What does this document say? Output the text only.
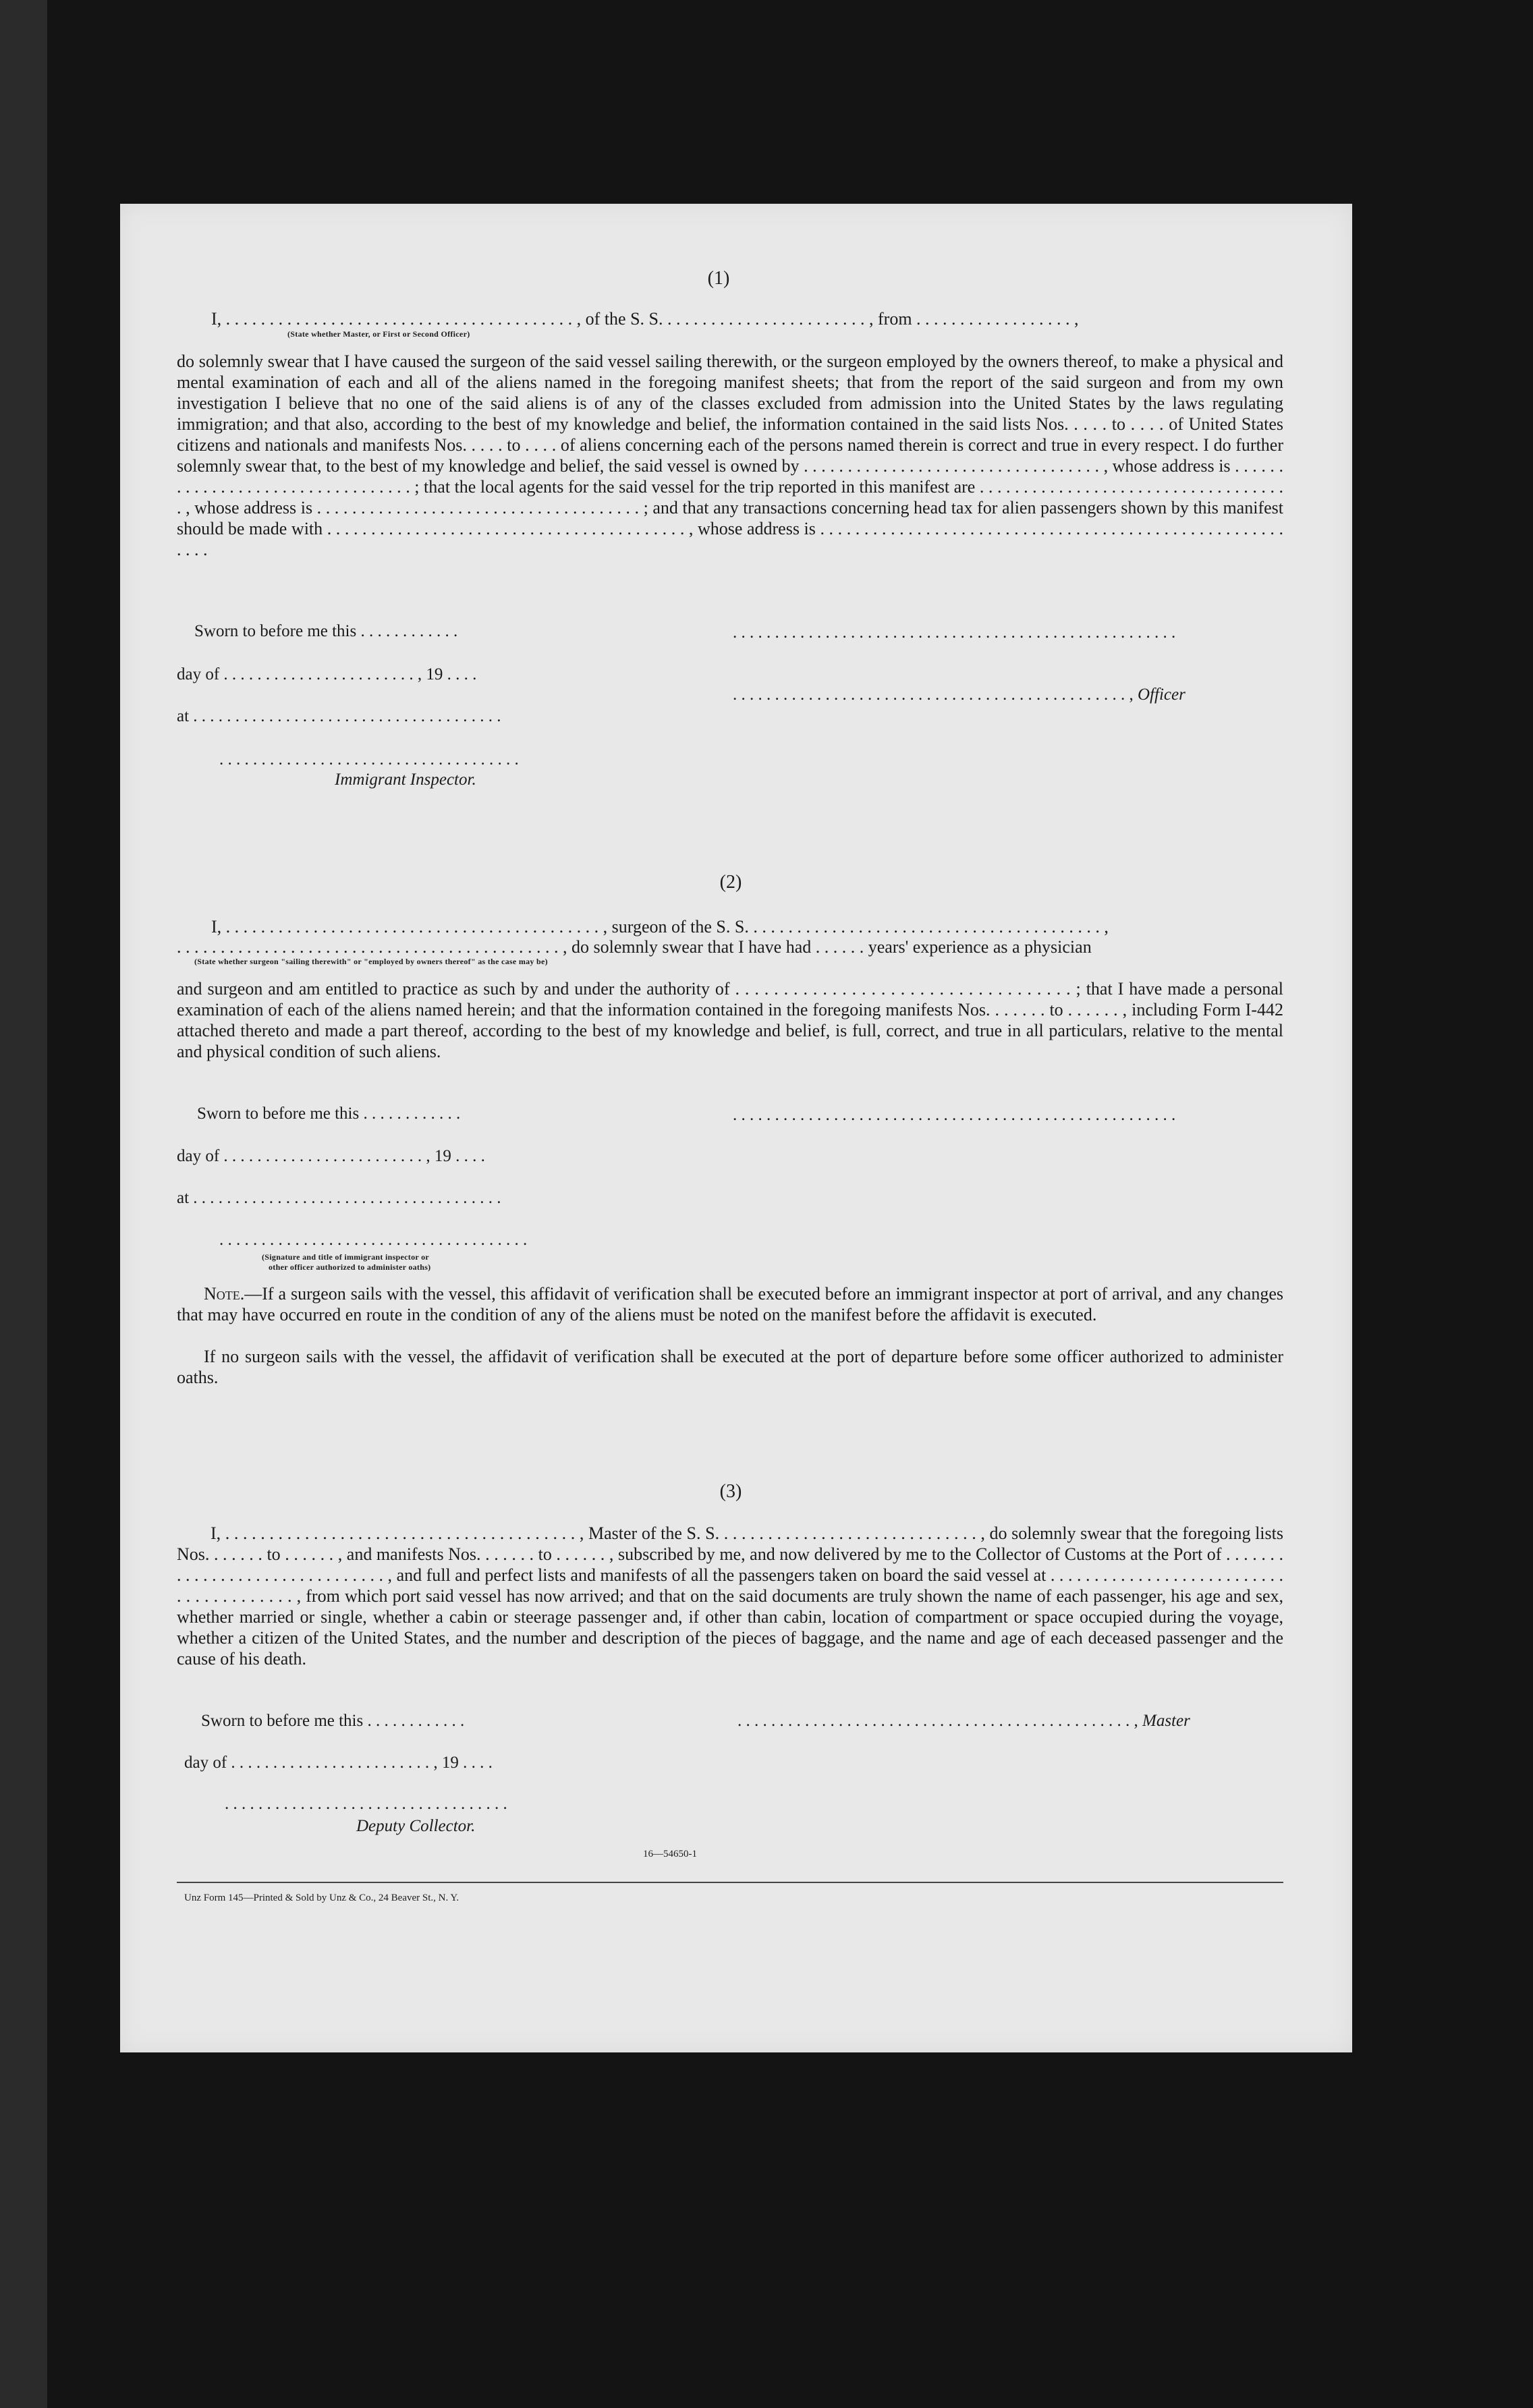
(1)
I, . . . . . . . . . . . . . . . . . . . . . . . . . . . . . . . . . . . . . . . . , of the S. S. . . . . . . . . . . . . . . . . . . . . . . . , from . . . . . . . . . . . . . . . . . . ,
(State whether Master, or First or Second Officer)
do solemnly swear that I have caused the surgeon of the said vessel sailing therewith, or the surgeon employed by the owners thereof, to make a physical and mental examination of each and all of the aliens named in the foregoing manifest sheets; that from the report of the said surgeon and from my own investigation I believe that no one of the said aliens is of any of the classes excluded from admission into the United States by the laws regulating immigration; and that also, according to the best of my knowledge and belief, the information contained in the said lists Nos. . . . . to . . . . of United States citizens and nationals and manifests Nos. . . . . to . . . . of aliens concerning each of the persons named therein is correct and true in every respect. I do further solemnly swear that, to the best of my knowledge and belief, the said vessel is owned by . . . . . . . . . . . . . . . . . . . . . . . . . . . . . . . . . . , whose address is . . . . . . . . . . . . . . . . . . . . . . . . . . . . . . . . . ; that the local agents for the said vessel for the trip reported in this manifest are . . . . . . . . . . . . . . . . . . . . . . . . . . . . . . . . . . . . , whose address is . . . . . . . . . . . . . . . . . . . . . . . . . . . . . . . . . . . . . ; and that any transactions concerning head tax for alien passengers shown by this manifest should be made with . . . . . . . . . . . . . . . . . . . . . . . . . . . . . . . . . . . . . . . . . , whose address is . . . . . . . . . . . . . . . . . . . . . . . . . . . . . . . . . . . . . . . . . . . . . . . . . . . . . . . . .
Sworn to before me this . . . . . . . . . . . .
day of . . . . . . . . . . . . . . . . . . . . . . . , 19 . . . .
at . . . . . . . . . . . . . . . . . . . . . . . . . . . . . . . . . . . . .
. . . . . . . . . . . . . . . . . . . . . . . . . . . . . . . . . . . .
Immigrant Inspector.
. . . . . . . . . . . . . . . . . . . . . . . . . . . . . . . . . . . . . . . . . . . . . . . . . . . . .
. . . . . . . . . . . . . . . . . . . . . . . . . . . . . . . . . . . . . . . . . . . . . . . , Officer
(2)
I, . . . . . . . . . . . . . . . . . . . . . . . . . . . . . . . . . . . . . . . . . . . , surgeon of the S. S. . . . . . . . . . . . . . . . . . . . . . . . . . . . . . . . . . . . . . . . . ,
. . . . . . . . . . . . . . . . . . . . . . . . . . . . . . . . . . . . . . . . . . . . , do solemnly swear that I have had . . . . . . years' experience as a physician
(State whether surgeon "sailing therewith" or "employed by owners thereof" as the case may be)
and surgeon and am entitled to practice as such by and under the authority of . . . . . . . . . . . . . . . . . . . . . . . . . . . . . . . . . . . ; that I have made a personal examination of each of the aliens named herein; and that the information contained in the foregoing manifests Nos. . . . . . . to . . . . . . , including Form I-442 attached thereto and made a part thereof, according to the best of my knowledge and belief, is full, correct, and true in all particulars, relative to the mental and physical condition of such aliens.
Sworn to before me this . . . . . . . . . . . .
day of . . . . . . . . . . . . . . . . . . . . . . . . , 19 . . . .
at . . . . . . . . . . . . . . . . . . . . . . . . . . . . . . . . . . . . .
. . . . . . . . . . . . . . . . . . . . . . . . . . . . . . . . . . . . .
(Signature and title of immigrant inspector or
other officer authorized to administer oaths)
. . . . . . . . . . . . . . . . . . . . . . . . . . . . . . . . . . . . . . . . . . . . . . . . . . . . .
Note.—If a surgeon sails with the vessel, this affidavit of verification shall be executed before an immigrant inspector at port of arrival, and any changes that may have occurred en route in the condition of any of the aliens must be noted on the manifest before the affidavit is executed.
If no surgeon sails with the vessel, the affidavit of verification shall be executed at the port of departure before some officer authorized to administer oaths.
(3)
I, . . . . . . . . . . . . . . . . . . . . . . . . . . . . . . . . . . . . . . . . , Master of the S. S. . . . . . . . . . . . . . . . . . . . . . . . . . . . . . , do solemnly swear that the foregoing lists Nos. . . . . . . to . . . . . . , and manifests Nos. . . . . . . to . . . . . . , subscribed by me, and now delivered by me to the Collector of Customs at the Port of . . . . . . . . . . . . . . . . . . . . . . . . . . . . . . . , and full and perfect lists and manifests of all the passengers taken on board the said vessel at . . . . . . . . . . . . . . . . . . . . . . . . . . . . . . . . . . . . . . . . , from which port said vessel has now arrived; and that on the said documents are truly shown the name of each passenger, his age and sex, whether married or single, whether a cabin or steerage passenger and, if other than cabin, location of compartment or space occupied during the voyage, whether a citizen of the United States, and the number and description of the pieces of baggage, and the name and age of each deceased passenger and the cause of his death.
Sworn to before me this . . . . . . . . . . . .
day of . . . . . . . . . . . . . . . . . . . . . . . . , 19 . . . .
. . . . . . . . . . . . . . . . . . . . . . . . . . . . . . . . . .
Deputy Collector.
. . . . . . . . . . . . . . . . . . . . . . . . . . . . . . . . . . . . . . . . . . . . . . . , Master
16—54650-1
Unz Form 145—Printed & Sold by Unz & Co., 24 Beaver St., N. Y.
